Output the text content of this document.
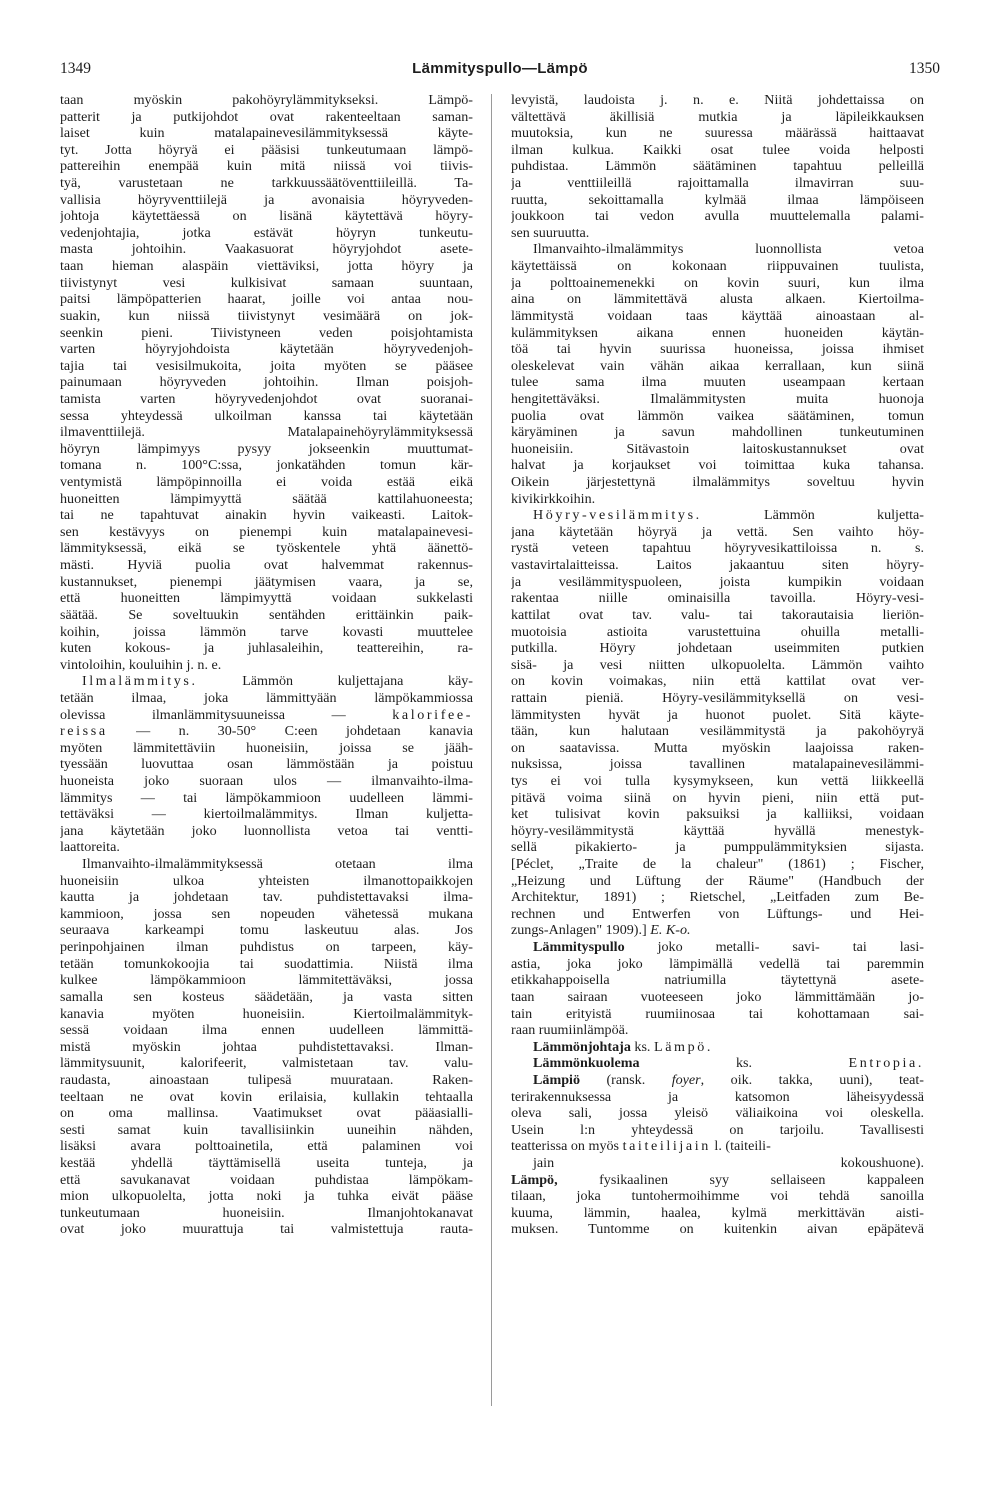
1349	Lämmityspullo—Lämpö	1350
taan myöskin pakohöyrylämmitykseksi. Lämpö-
patterit ja putkijohdot ovat rakenteeltaan saman-
laiset kuin matalapainevesilämmityksessä käyte-
tyt. Jotta höyryä ei pääsisi tunkeutumaan lämpö-
pattereihin enempää kuin mitä niissä voi tiivis-
tyä, varustetaan ne tarkkuussäätöventtiileillä. Ta-
vallisia höyryventtiilejä ja avonaisia höyryveden-
johtoja käytettäessä on lisänä käytettävä höyry-
vedenjohtajia, jotka estävät höyryn tunkeutu-
masta johtoihin. Vaakasuorat höyryjohdot asete-
taan hieman alaspäin viettäviksi, jotta höyry ja
tiivistynyt vesi kulkisivat samaan suuntaan,
paitsi lämpöpatterien haarat, joille voi antaa nou-
suakin, kun niissä tiivistynyt vesimäärä on jok-
seenkin pieni. Tiivistyneen veden poisjohtamista
varten höyryjohdoista käytetään höyryvedenjoh-
tajia tai vesisilmukoita, joita myöten se pääsee
painumaan höyryveden johtoihin. Ilman poisjoh-
tamista varten höyryvedenjohdot ovat suoranai-
sessa yhteydessä ulkoilman kanssa tai käytetään
ilmaventtiilejä. Matalapainehöyrylämmityksessä
höyryn lämpimyys pysyy jokseenkin muuttumat-
tomana n. 100°C:ssa, jonkatähden tomun kär-
ventymistä lämpöpinnoilla ei voida estää eikä
huoneitten lämpimyyttä säätää kattilahuoneesta;
tai ne tapahtuvat ainakin hyvin vaikeasti. Laitok-
sen kestävyys on pienempi kuin matalapainevesi-
lämmityksessä, eikä se työskentele yhtä äänettö-
mästi. Hyviä puolia ovat halvemmat rakennus-
kustannukset, pienempi jäätymisen vaara, ja se,
että huoneitten lämpimyyttä voidaan sukkelasti
säätää. Se soveltuukin sentähden erittäinkin paik-
koihin, joissa lämmön tarve kovasti muuttelee
kuten kokous- ja juhlasaleihin, teattereihin, ra-
vintoloihin, kouluihin j. n. e.
Ilmalämmitys. Lämmön kuljettajana käy-
tetään ilmaa, joka lämmittyään lämpökammiossa
olevissa ilmanlämmitysuuneissa — kalorifee-
reissa — n. 30-50° C:een johdetaan kanavia
myöten lämmitettäviin huoneisiin, joissa se jääh-
tyessään luovuttaa osan lämmöstään ja poistuu
huoneista joko suoraan ulos — ilmanvaihto-ilma-
lämmitys — tai lämpökammioon uudelleen lämmi-
tettäväksi — kiertoilmalämmitys. Ilman kuljetta-
jana käytetään joko luonnollista vetoa tai ventti-
laattoreita.
Ilmanvaihto-ilmalämmityksessä otetaan ilma
huoneisiin ulkoa yhteisten ilmanottopaikkojen
kautta ja johdetaan tav. puhdistettavaksi ilma-
kammioon, jossa sen nopeuden vähetessä mukana
seuraava karkeampi tomu laskeutuu alas. Jos
perinpohjainen ilman puhdistus on tarpeen, käy-
tetään tomunkokoojia tai suodattimia. Niistä ilma
kulkee lämpökammioon lämmitettäväksi, jossa
samalla sen kosteus säädetään, ja vasta sitten
kanavia myöten huoneisiin. Kiertoilmalämmityk-
sessä voidaan ilma ennen uudelleen lämmittä-
mistä myöskin johtaa puhdistettavaksi. Ilman-
lämmitysuunit, kalorifeerit, valmistetaan tav. valu-
raudasta, ainoastaan tulipesä muurataan. Raken-
teeltaan ne ovat kovin erilaisia, kullakin tehtaalla
on oma mallinsa. Vaatimukset ovat pääasialli-
sesti samat kuin tavallisiinkin uuneihin nähden,
lisäksi avara polttoainetila, että palaminen voi
kestää yhdellä täyttämisellä useita tunteja, ja
että savukanavat voidaan puhdistaa lämpökam-
mion ulkopuolelta, jotta noki ja tuhka eivät pääse
tunkeutumaan huoneisiin. Ilmanjohtokanavat
ovat joko muurattuja tai valmistettuja rauta-
levyistä, laudoista j. n. e. Niitä johdettaissa on
vältettävä äkillisiä mutkia ja läpileikkauksen
muutoksia, kun ne suuressa määrässä haittaavat
ilman kulkua. Kaikki osat tulee voida helposti
puhdistaa. Lämmön säätäminen tapahtuu pelleillä
ja venttiileillä rajoittamalla ilmavirran suu-
ruutta, sekoittamalla kylmää ilmaa lämpöiseen
joukkoon tai vedon avulla muuttelemalla palami-
sen suuruutta.
Ilmanvaihto-ilmalämmitys luonnollista vetoa
käytettäissä on kokonaan riippuvainen tuulista,
ja polttoainemenekki on kovin suuri, kun ilma
aina on lämmitettävä alusta alkaen. Kiertoilma-
lämmitystä voidaan taas käyttää ainoastaan al-
kulämmityksen aikana ennen huoneiden käytän-
töä tai hyvin suurissa huoneissa, joissa ihmiset
oleskelevat vain vähän aikaa kerrallaan, kun siinä
tulee sama ilma muuten useampaan kertaan
hengitettäväksi. Ilmalämmitysten muita huonoja
puolia ovat lämmön vaikea säätäminen, tomun
käryäminen ja savun mahdollinen tunkeutuminen
huoneisiin. Sitävastoin laitoskustannukset ovat
halvat ja korjaukset voi toimittaa kuka tahansa.
Oikein järjestettynä ilmalämmitys soveltuu hyvin
kivikirkkoihin.
Höyry-vesilämmitys. Lämmön kuljetta-
jana käytetään höyryä ja vettä. Sen vaihto höy-
rystä veteen tapahtuu höyryvesikattiloissa n. s.
vastavirtalaitteissa. Laitos jakaantuu siten höyry-
ja vesilämmityspuoleen, joista kumpikin voidaan
rakentaa niille ominaisilla tavoilla. Höyry-vesi-
kattilat ovat tav. valu- tai takorautaisia lieriön-
muotoisia astioita varustettuina ohuilla metalli-
putkilla. Höyry johdetaan useimmiten putkien
sisä- ja vesi niitten ulkopuolelta. Lämmön vaihto
on kovin voimakas, niin että kattilat ovat ver-
rattain pieniä. Höyry-vesilämmityksellä on vesi-
lämmitysten hyvät ja huonot puolet. Sitä käyte-
tään, kun halutaan vesilämmitystä ja pakohöyryä
on saatavissa. Mutta myöskin laajoissa raken-
nuksissa, joissa tavallinen matalapainevesilämmi-
tys ei voi tulla kysymykseen, kun vettä liikkeellä
pitävä voima siinä on hyvin pieni, niin että put-
ket tulisivat kovin paksuiksi ja kalliiksi, voidaan
höyry-vesilämmitystä käyttää hyvällä menestyk-
sellä pikakierto- ja pumppulämmityksien sijasta.
[Péclet, „Traite de la chaleur" (1861) ; Fischer,
„Heizung und Lüftung der Räume" (Handbuch der
Architektur, 1891) ; Rietschel, „Leitfaden zum Be-
rechnen und Entwerfen von Lüftungs- und Hei-
zungs-Anlagen" 1909).] E. K-o.
Lämmityspullo joko metalli- savi- tai lasi-
astia, joka joko lämpimällä vedellä tai paremmin
etikkahappoisella natriumilla täytettynä asete-
taan sairaan vuoteeseen joko lämmittämään jo-
tain erityistä ruumiinosaa tai kohottamaan sai-
raan ruumiinlämpöä.
Lämmönjohtaja ks. Lämpö.
Lämmönkuolema ks. Entropia.
Lämpiö (ransk. foyer, oik. takka, uuni), teat-
terirakennuksessa ja katsomon läheisyydessä
oleva sali, jossa yleisö väliaikoina voi oleskella.
Usein l:n yhteydessä on tarjoilu. Tavallisesti
teatterissa on myös taiteilijain l. (taiteili-
jain kokoushuone).
Lämpö, fysikaalinen syy sellaiseen kappaleen
tilaan, joka tuntohermoihimme voi tehdä sanoilla
kuuma, lämmin, haalea, kylmä merkittävän aisti-
muksen. Tuntomme on kuitenkin aivan epäpätevä
